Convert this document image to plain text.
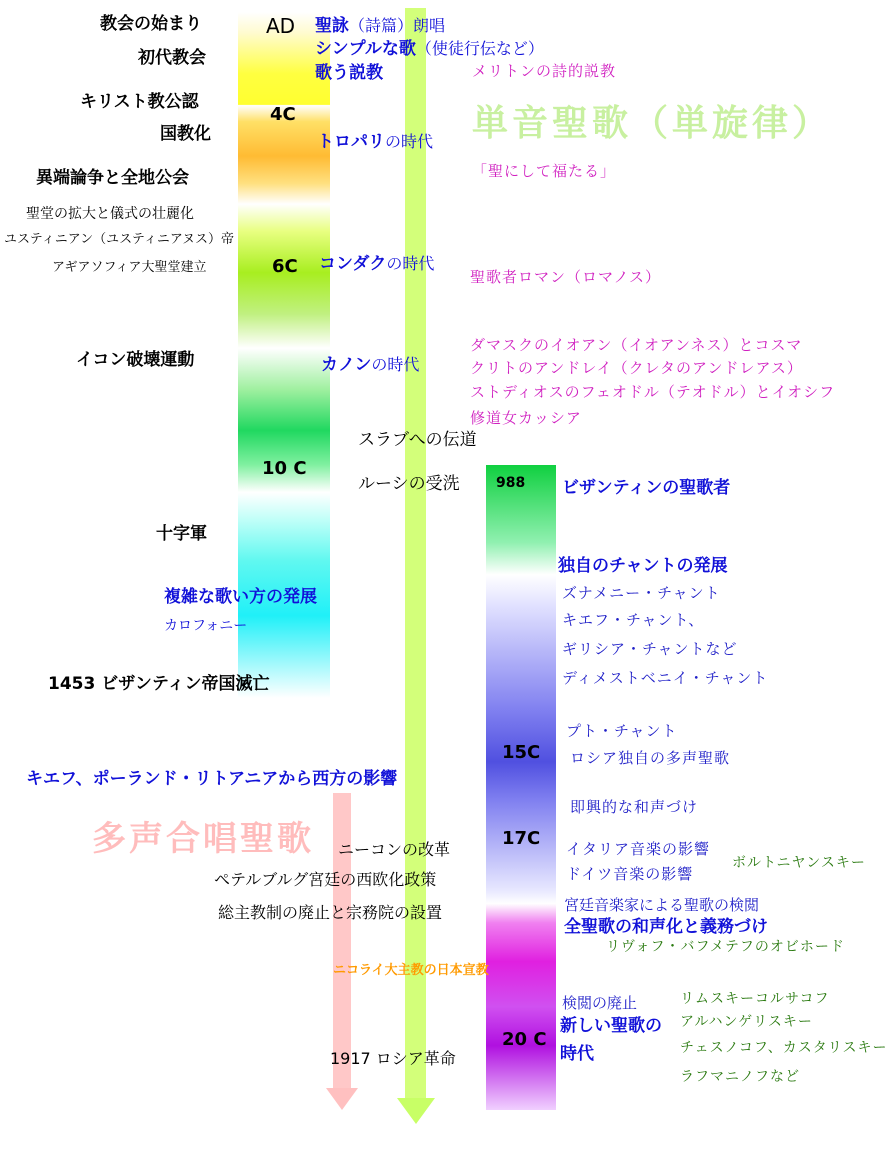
単音聖歌（単旋律）
多声合唱聖歌
AD
4C
6C
10 C
988
15C
17C
20 C
教会の始まり
初代教会
キリスト教公認
国教化
異端論争と全地公会
聖堂の拡大と儀式の壮麗化
ユスティニアン（ユスティニアヌス）帝
アギアソフィア大聖堂建立
イコン破壊運動
十字軍
複雑な歌い方の発展
カロフォニー
1453 ビザンティン帝国滅亡
キエフ、ポーランド・リトアニアから西方の影響
聖詠（詩篇）朗唱
シンプルな歌（使徒行伝など）
歌う説教
トロパリの時代
コンダクの時代
カノンの時代
スラブへの伝道
ルーシの受洗
ニーコンの改革
ペテルブルグ宮廷の西欧化政策
総主教制の廃止と宗務院の設置
ニコライ大主教の日本宣教
1917 ロシア革命
メリトンの詩的説教
「聖にして福たる」
聖歌者ロマン（ロマノス）
ダマスクのイオアン（イオアンネス）とコスマ
クリトのアンドレイ（クレタのアンドレアス）
ストディオスのフェオドル（テオドル）とイオシフ
修道女カッシア
ビザンティンの聖歌者
独自のチャントの発展
ズナメニー・チャント
キエフ・チャント、
ギリシア・チャントなど
ディメストベニイ・チャント
プト・チャント
ロシア独自の多声聖歌
即興的な和声づけ
イタリア音楽の影響
ドイツ音楽の影響
宮廷音楽家による聖歌の検閲
全聖歌の和声化と義務づけ
検閲の廃止
新しい聖歌の
時代
ボルトニヤンスキー
リヴォフ・バフメテフのオビホード
リムスキーコルサコフ
アルハンゲリスキー
チェスノコフ、カスタリスキー
ラフマニノフなど
